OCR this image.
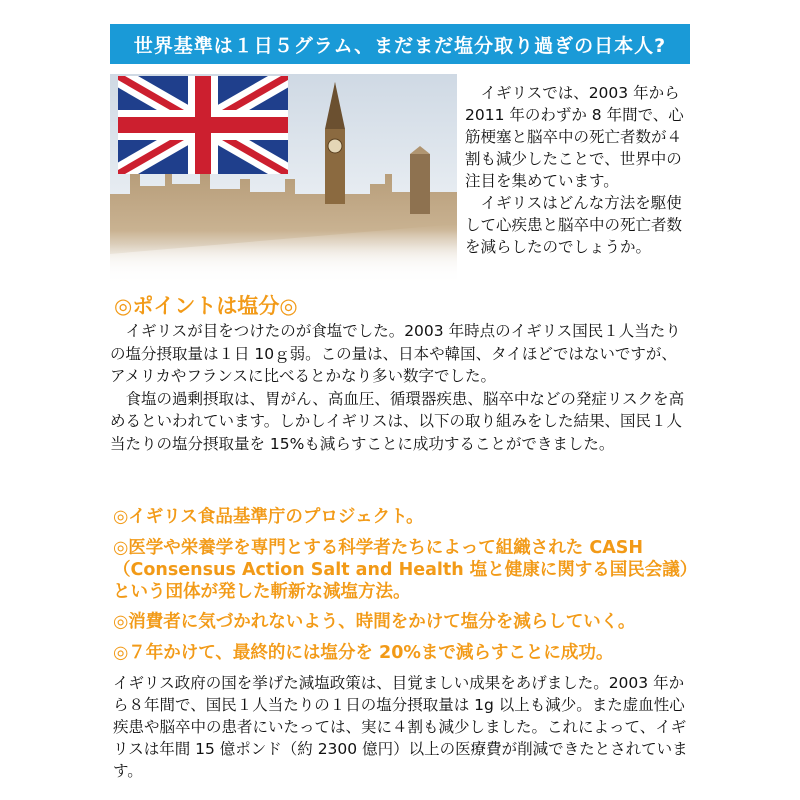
世界基準は１日５グラム、まだまだ塩分取り過ぎの日本人?

イギリスでは、2003 年から 2011 年のわずか 8 年間で、心筋梗塞と脳卒中の死亡者数が４割も減少したことで、世界中の注目を集めています。

イギリスはどんな方法を駆使して心疾患と脳卒中の死亡者数を減らしたのでしょうか。

◎ポイントは塩分◎

イギリスが目をつけたのが食塩でした。2003 年時点のイギリス国民１人当たりの塩分摂取量は１日 10ｇ弱。この量は、日本や韓国、タイほどではないですが、アメリカやフランスに比べるとかなり多い数字でした。

食塩の過剰摂取は、胃がん、高血圧、循環器疾患、脳卒中などの発症リスクを高めるといわれています。しかしイギリスは、以下の取り組みをした結果、国民１人当たりの塩分摂取量を 15%も減らすことに成功することができました。

◎イギリス食品基準庁のプロジェクト。

◎医学や栄養学を専門とする科学者たちによって組織された CASH（Consensus Action Salt and Health 塩と健康に関する国民会議）という団体が発した斬新な減塩方法。

◎消費者に気づかれないよう、時間をかけて塩分を減らしていく。

◎７年かけて、最終的には塩分を 20%まで減らすことに成功。

イギリス政府の国を挙げた減塩政策は、目覚ましい成果をあげました。2003 年から８年間で、国民１人当たりの１日の塩分摂取量は 1g 以上も減少。また虚血性心疾患や脳卒中の患者にいたっては、実に４割も減少しました。これによって、イギリスは年間 15 億ポンド（約 2300 億円）以上の医療費が削減できたとされています。
